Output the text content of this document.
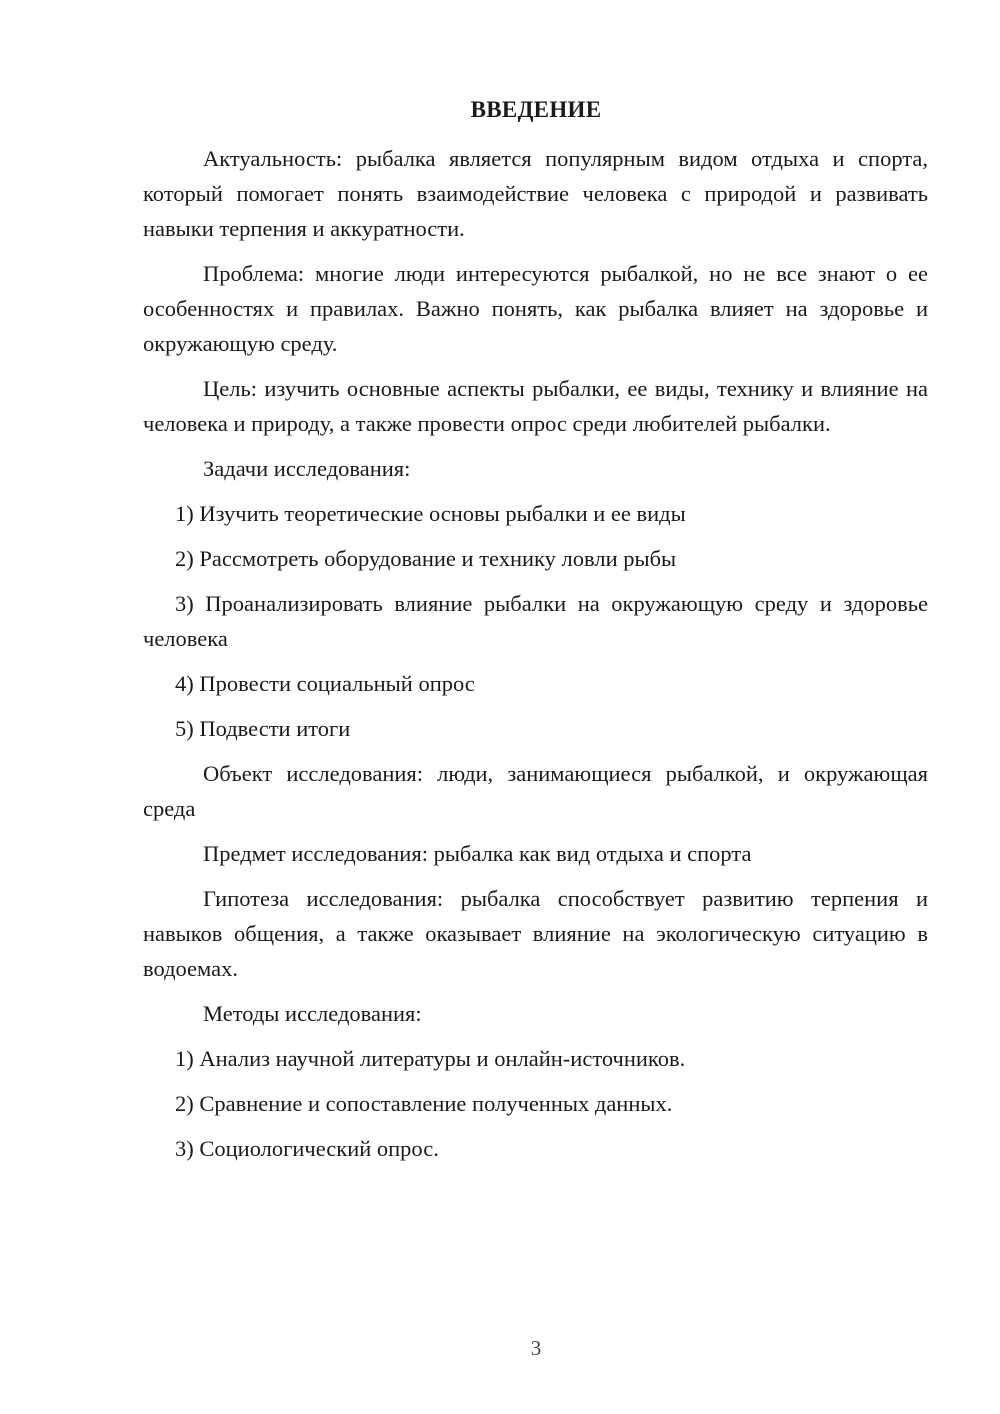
ВВЕДЕНИЕ

Актуальность: рыбалка является популярным видом отдыха и спорта, который помогает понять взаимодействие человека с природой и развивать навыки терпения и аккуратности.

Проблема: многие люди интересуются рыбалкой, но не все знают о ее особенностях и правилах. Важно понять, как рыбалка влияет на здоровье и окружающую среду.

Цель: изучить основные аспекты рыбалки, ее виды, технику и влияние на человека и природу, а также провести опрос среди любителей рыбалки.

Задачи исследования:

1) Изучить теоретические основы рыбалки и ее виды

2) Рассмотреть оборудование и технику ловли рыбы

3) Проанализировать влияние рыбалки на окружающую среду и здоровье человека

4) Провести социальный опрос

5) Подвести итоги

Объект исследования: люди, занимающиеся рыбалкой, и окружающая среда

Предмет исследования: рыбалка как вид отдыха и спорта

Гипотеза исследования: рыбалка способствует развитию терпения и навыков общения, а также оказывает влияние на экологическую ситуацию в водоемах.

Методы исследования:

1) Анализ научной литературы и онлайн-источников.

2) Сравнение и сопоставление полученных данных.

3) Социологический опрос.

3
